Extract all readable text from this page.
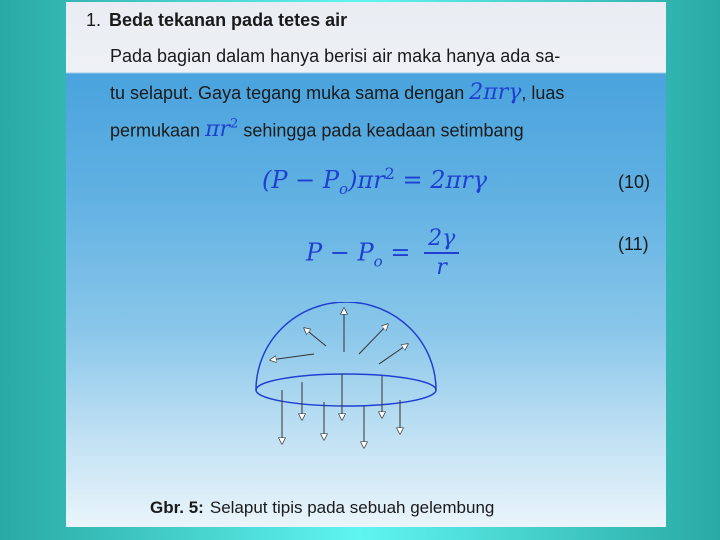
1. Beda tekanan pada tetes air
Pada bagian dalam hanya berisi air maka hanya ada sa-
tu selaput. Gaya tegang muka sama dengan 2πrγ, luas
permukaan $\pi r^2$ sehingga pada keadaan setimbang
$(P - P_o)\pi r^2 = 2\pi r\gamma$	(10)
$P - P_o = \frac{2\gamma}{r}$	(11)
Gbr. 5: Selaput tipis pada sebuah gelembung
